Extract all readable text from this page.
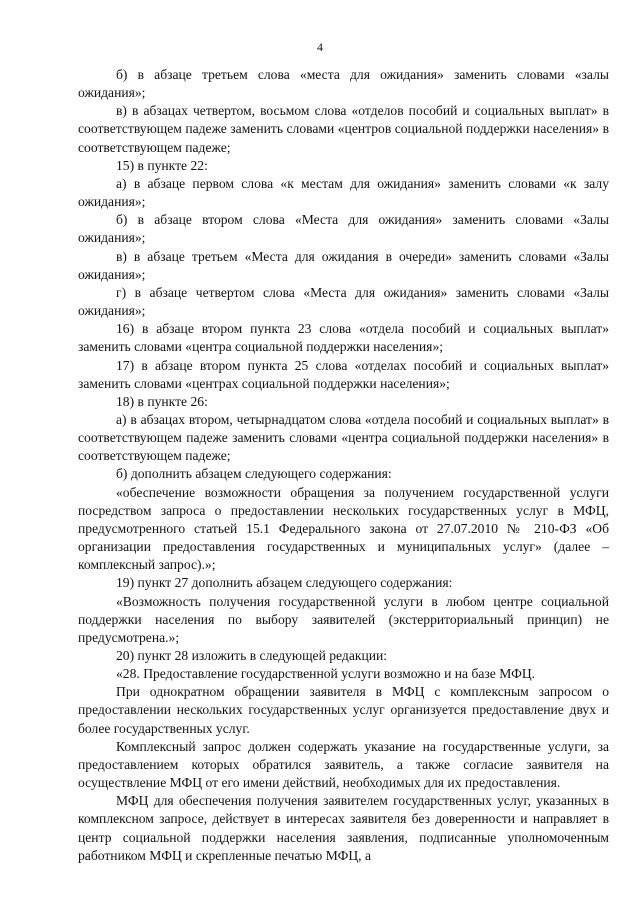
4

б) в абзаце третьем слова «места для ожидания» заменить словами «залы ожидания»;

в) в абзацах четвертом, восьмом слова «отделов пособий и социальных выплат» в соответствующем падеже заменить словами «центров социальной поддержки населения» в соответствующем падеже;

15) в пункте 22:

а) в абзаце первом слова «к местам для ожидания» заменить словами «к залу ожидания»;

б) в абзаце втором слова «Места для ожидания» заменить словами «Залы ожидания»;

в) в абзаце третьем «Места для ожидания в очереди» заменить словами «Залы ожидания»;

г) в абзаце четвертом слова «Места для ожидания» заменить словами «Залы ожидания»;

16) в абзаце втором пункта 23 слова «отдела пособий и социальных выплат» заменить словами «центра социальной поддержки населения»;

17) в абзаце втором пункта 25 слова «отделах пособий и социальных выплат» заменить словами «центрах социальной поддержки населения»;

18) в пункте 26:

а) в абзацах втором, четырнадцатом слова «отдела пособий и социальных выплат» в соответствующем падеже заменить словами «центра социальной поддержки населения» в соответствующем падеже;

б) дополнить абзацем следующего содержания:

«обеспечение возможности обращения за получением государственной услуги посредством запроса о предоставлении нескольких государственных услуг в МФЦ, предусмотренного статьей 15.1 Федерального закона от 27.07.2010 № 210-ФЗ «Об организации предоставления государственных и муниципальных услуг» (далее – комплексный запрос).»;

19) пункт 27 дополнить абзацем следующего содержания:

«Возможность получения государственной услуги в любом центре социальной поддержки населения по выбору заявителей (экстерриториальный принцип) не предусмотрена.»;

20) пункт 28 изложить в следующей редакции:

«28. Предоставление государственной услуги возможно и на базе МФЦ.

При однократном обращении заявителя в МФЦ с комплексным запросом о предоставлении нескольких государственных услуг организуется предоставление двух и более государственных услуг.

Комплексный запрос должен содержать указание на государственные услуги, за предоставлением которых обратился заявитель, а также согласие заявителя на осуществление МФЦ от его имени действий, необходимых для их предоставления.

МФЦ для обеспечения получения заявителем государственных услуг, указанных в комплексном запросе, действует в интересах заявителя без доверенности и направляет в центр социальной поддержки населения заявления, подписанные уполномоченным работником МФЦ и скрепленные печатью МФЦ, а
